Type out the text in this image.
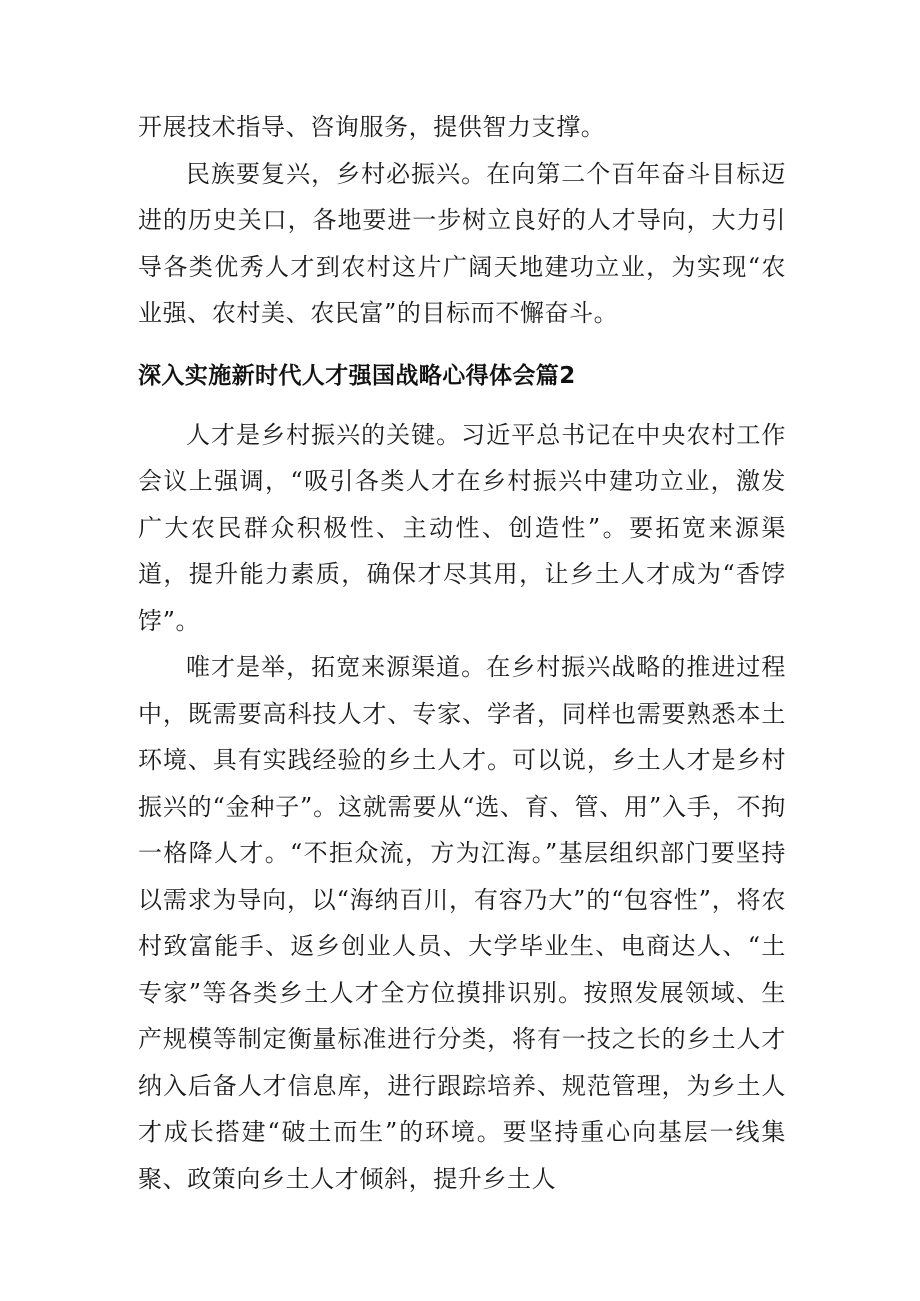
开展技术指导、咨询服务，提供智力支撑。

民族要复兴，乡村必振兴。在向第二个百年奋斗目标迈进的历史关口，各地要进一步树立良好的人才导向，大力引导各类优秀人才到农村这片广阔天地建功立业，为实现“农业强、农村美、农民富”的目标而不懈奋斗。

深入实施新时代人才强国战略心得体会篇2

人才是乡村振兴的关键。习近平总书记在中央农村工作会议上强调，“吸引各类人才在乡村振兴中建功立业，激发广大农民群众积极性、主动性、创造性”。要拓宽来源渠道，提升能力素质，确保才尽其用，让乡土人才成为“香饽饽”。

唯才是举，拓宽来源渠道。在乡村振兴战略的推进过程中，既需要高科技人才、专家、学者，同样也需要熟悉本土环境、具有实践经验的乡土人才。可以说，乡土人才是乡村振兴的“金种子”。这就需要从“选、育、管、用”入手，不拘一格降人才。“不拒众流，方为江海。”基层组织部门要坚持以需求为导向，以“海纳百川，有容乃大”的“包容性”，将农村致富能手、返乡创业人员、大学毕业生、电商达人、“土专家”等各类乡土人才全方位摸排识别。按照发展领域、生产规模等制定衡量标准进行分类，将有一技之长的乡土人才纳入后备人才信息库，进行跟踪培养、规范管理，为乡土人才成长搭建“破土而生”的环境。要坚持重心向基层一线集聚、政策向乡土人才倾斜，提升乡土人
